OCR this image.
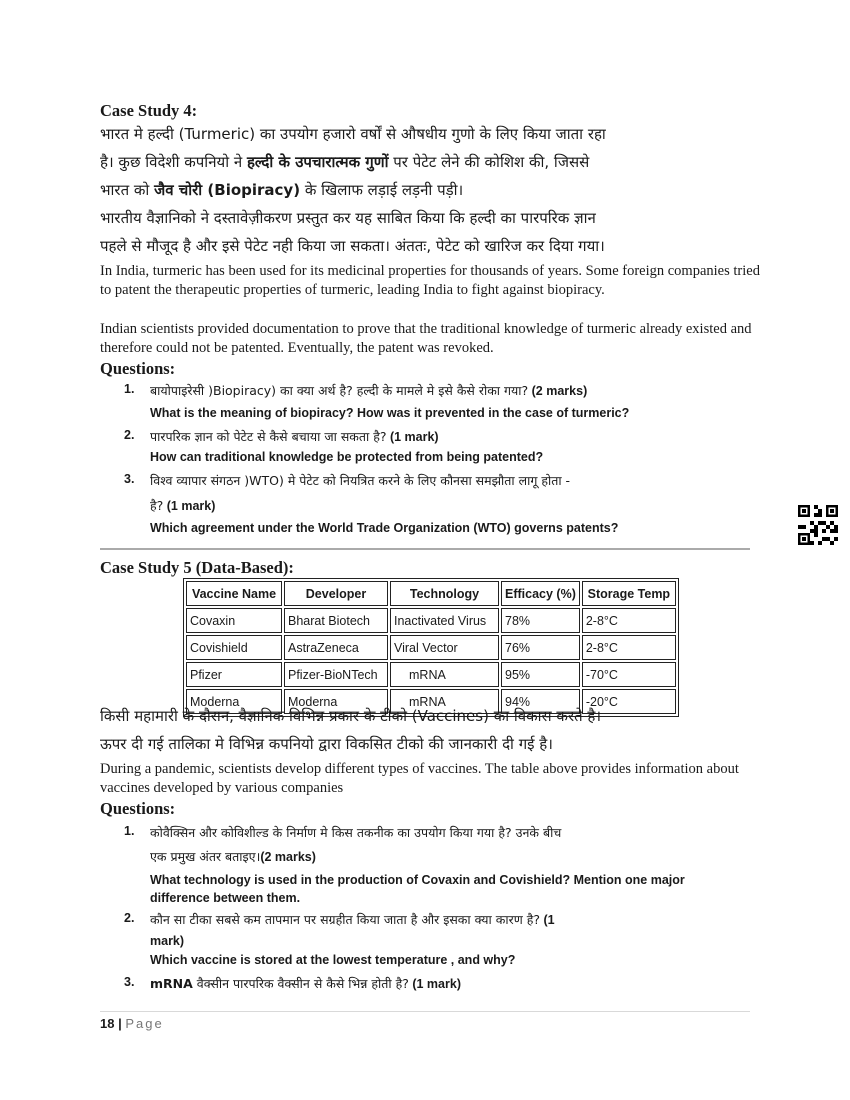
Case Study 4:
भारत मे हल्दी (Turmeric) का उपयोग हजारो वर्षों से औषधीय गुणो के लिए किया जाता रहा
है। कुछ विदेशी कपनियो ने हल्दी के उपचारात्मक गुणों पर पेटेट लेने की कोशिश की, जिससे
भारत को जैव चोरी (Biopiracy) के खिलाफ लड़ाई लड़नी पड़ी।
भारतीय वैज्ञानिको ने दस्तावेज़ीकरण प्रस्तुत कर यह साबित किया कि हल्दी का पारपरिक ज्ञान
पहले से मौजूद है और इसे पेटेट नही किया जा सकता। अंततः, पेटेट को खारिज कर दिया गया।
In India, turmeric has been used for its medicinal properties for thousands of years. Some foreign companies tried to patent the therapeutic properties of turmeric, leading India to fight against biopiracy.
Indian scientists provided documentation to prove that the traditional knowledge of turmeric already existed and therefore could not be patented. Eventually, the patent was revoked.
Questions:
1. बायोपाइरेसी )Biopiracy) का क्या अर्थ है? हल्दी के मामले मे इसे कैसे रोका गया? (2 marks)
What is the meaning of biopiracy? How was it prevented in the case of turmeric?
2. पारपरिक ज्ञान को पेटेट से कैसे बचाया जा सकता है? (1 mark)
How can traditional knowledge be protected from being patented?
3. विश्व व्यापार संगठन )WTO) मे पेटेट को नियत्रित करने के लिए कौनसा समझौता लागू होता -
है? (1 mark)
Which agreement under the World Trade Organization (WTO) governs patents?
Case Study 5 (Data-Based):
Vaccine Name	Developer	Technology	Efficacy (%)	Storage Temp
Covaxin	Bharat Biotech	Inactivated Virus	78%	2-8°C
Covishield	AstraZeneca	Viral Vector	76%	2-8°C
Pfizer	Pfizer-BioNTech	mRNA	95%	-70°C
Moderna	Moderna	mRNA	94%	-20°C
किसी महामारी के दौरान, वैज्ञानिक विभिन्न प्रकार के टीको (Vaccines) का विकास करते है।
ऊपर दी गई तालिका मे विभिन्न कपनियो द्वारा विकसित टीको की जानकारी दी गई है।
During a pandemic, scientists develop different types of vaccines. The table above provides information about vaccines developed by various companies
Questions:
1. कोवैक्सिन और कोविशील्ड के निर्माण मे किस तकनीक का उपयोग किया गया है? उनके बीच
एक प्रमुख अंतर बताइए।(2 marks)
What technology is used in the production of Covaxin and Covishield? Mention one major difference between them.
2. कौन सा टीका सबसे कम तापमान पर सग्रहीत किया जाता है और इसका क्या कारण है? (1
mark)
Which vaccine is stored at the lowest temperature , and why?
3. mRNA वैक्सीन पारपरिक वैक्सीन से कैसे भिन्न होती है? (1 mark)
18 | Page
